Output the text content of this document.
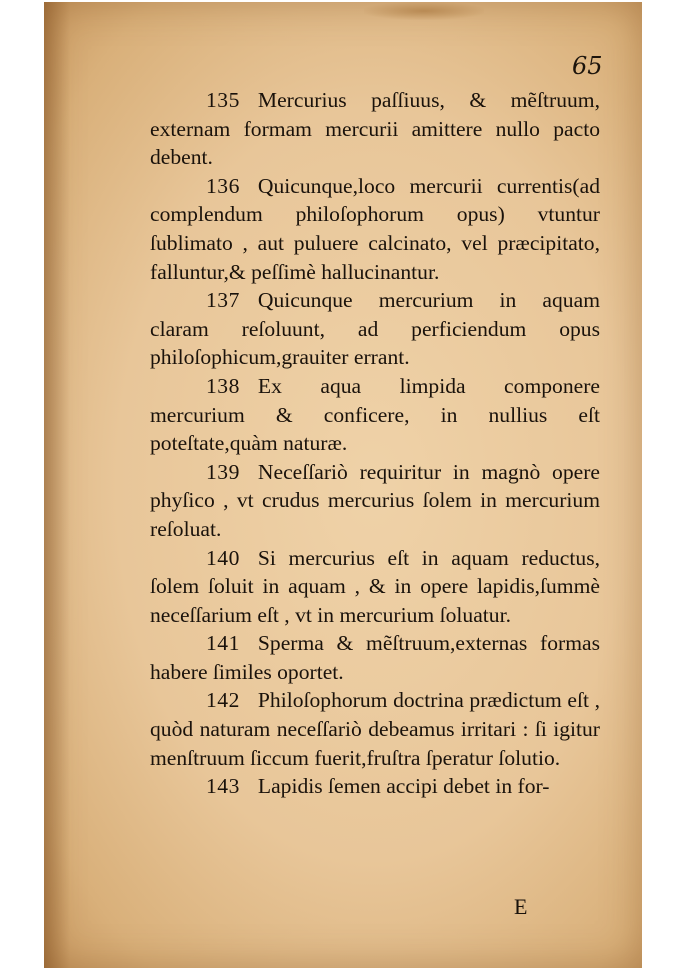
65

135 Mercurius paſſiuus, & mẽſtruum, externam formam mercurii amittere nullo pacto debent.

136 Quicunque,loco mercurii currentis(ad complendum philoſophorum opus) vtuntur ſublimato , aut puluere calcinato, vel præcipitato, falluntur,& peſſimè hallucinantur.

137 Quicunque mercurium in aquam claram reſoluunt, ad perficiendum opus philoſophicum,grauiter errant.

138 Ex aqua limpida componere mercurium & conficere, in nullius eſt poteſtate,quàm naturæ.

139 Neceſſariò requiritur in magnò opere phyſico , vt crudus mercurius ſolem in mercurium reſoluat.

140 Si mercurius eſt in aquam reductus, ſolem ſoluit in aquam , & in opere lapidis,ſummè neceſſarium eſt , vt in mercurium ſoluatur.

141 Sperma & mẽſtruum,externas formas habere ſimiles oportet.

142 Philoſophorum doctrina prædictum eſt , quòd naturam neceſſariò debeamus irritari : ſi igitur menſtruum ſiccum fuerit,fruſtra ſperatur ſolutio.

143 Lapidis ſemen accipi debet in for-

E
